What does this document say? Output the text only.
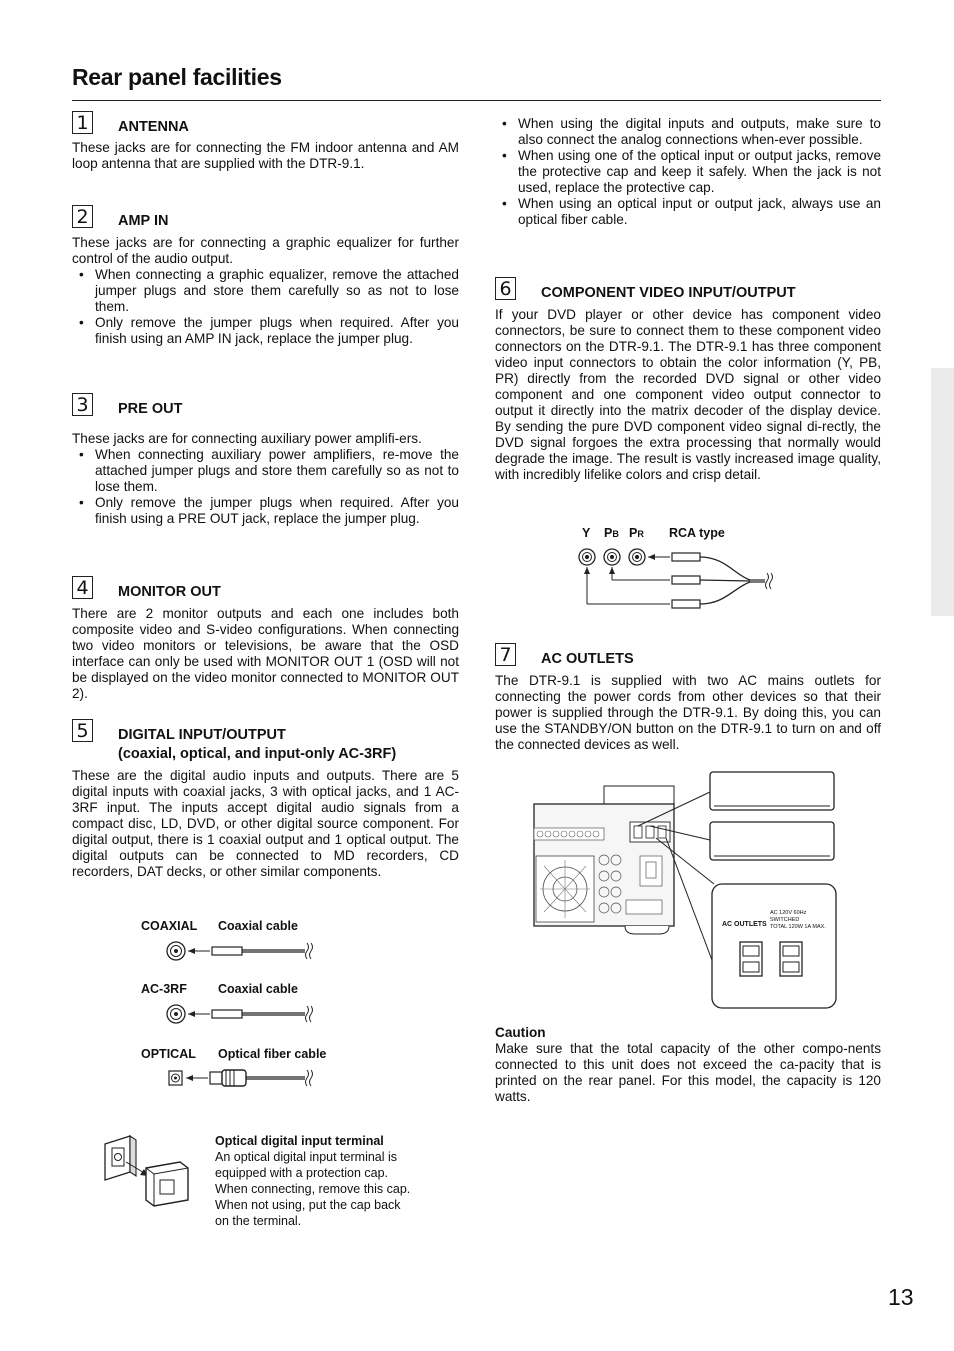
Rear panel facilities
1	ANTENNA
These jacks are for connecting the FM indoor antenna and AM loop antenna that are supplied with the DTR-9.1.
2	AMP IN

These jacks are for connecting a graphic equalizer for further control of the audio output.

• When connecting a graphic equalizer, remove the attached jumper plugs and store them carefully so as not to lose them.
• Only remove the jumper plugs when required. After you finish using an AMP IN jack, replace the jumper plug.
3	PRE OUT

These jacks are for connecting auxiliary power amplifi-ers.

• When connecting auxiliary power amplifiers, re-move the attached jumper plugs and store them carefully so as not to lose them.
• Only remove the jumper plugs when required. After you finish using a PRE OUT jack, replace the jumper plug.
4	MONITOR OUT
There are 2 monitor outputs and each one includes both composite video and S-video configurations. When connecting two video monitors or televisions, be aware that the OSD interface can only be used with MONITOR OUT 1 (OSD will not be displayed on the video monitor connected to MONITOR OUT 2).
5	DIGITAL INPUT/OUTPUT
(coaxial, optical, and input-only AC-3RF)
These are the digital audio inputs and outputs. There are 5 digital inputs with coaxial jacks, 3 with optical jacks, and 1 AC-3RF input. The inputs accept digital audio signals from a compact disc, LD, DVD, or other digital source component. For digital output, there is 1 coaxial output and 1 optical output. The digital outputs can be connected to MD recorders, CD recorders, DAT decks, or other similar components.
COAXIAL Coaxial cable
AC-3RF Coaxial cable
OPTICAL Optical fiber cable
Optical digital input terminal
An optical digital input terminal is
equipped with a protection cap.
When connecting, remove this cap.
When not using, put the cap back
on the terminal.
• When using the digital inputs and outputs, make sure to also connect the analog connections when-ever possible.
• When using one of the optical input or output jacks, remove the protective cap and keep it safely. When the jack is not used, replace the protective cap.
• When using an optical input or output jack, always use an optical fiber cable.
6	COMPONENT VIDEO INPUT/OUTPUT
If your DVD player or other device has component video connectors, be sure to connect them to these component video connectors on the DTR-9.1. The DTR-9.1 has three component video input connectors to obtain the color information (Y, PB, PR) directly from the recorded DVD signal or other video component and one component video output connector to output it directly into the matrix decoder of the display device. By sending the pure DVD component video signal di-rectly, the DVD signal forgoes the extra processing that normally would degrade the image. The result is vastly increased image quality, with incredibly lifelike colors and crisp detail.
Y PB PR RCA type
7	AC OUTLETS
The DTR-9.1 is supplied with two AC mains outlets for connecting the power cords from other devices so that their power is supplied through the DTR-9.1. By doing this, you can use the STANDBY/ON button on the DTR-9.1 to turn on and off the connected devices as well.
AC OUTLETS
AC 120V 60Hz
SWITCHED
TOTAL 120W 1A MAX.

Caution

Make sure that the total capacity of the other compo-nents connected to this unit does not exceed the ca-pacity that is printed on the rear panel. For this model, the capacity is 120 watts.

13
